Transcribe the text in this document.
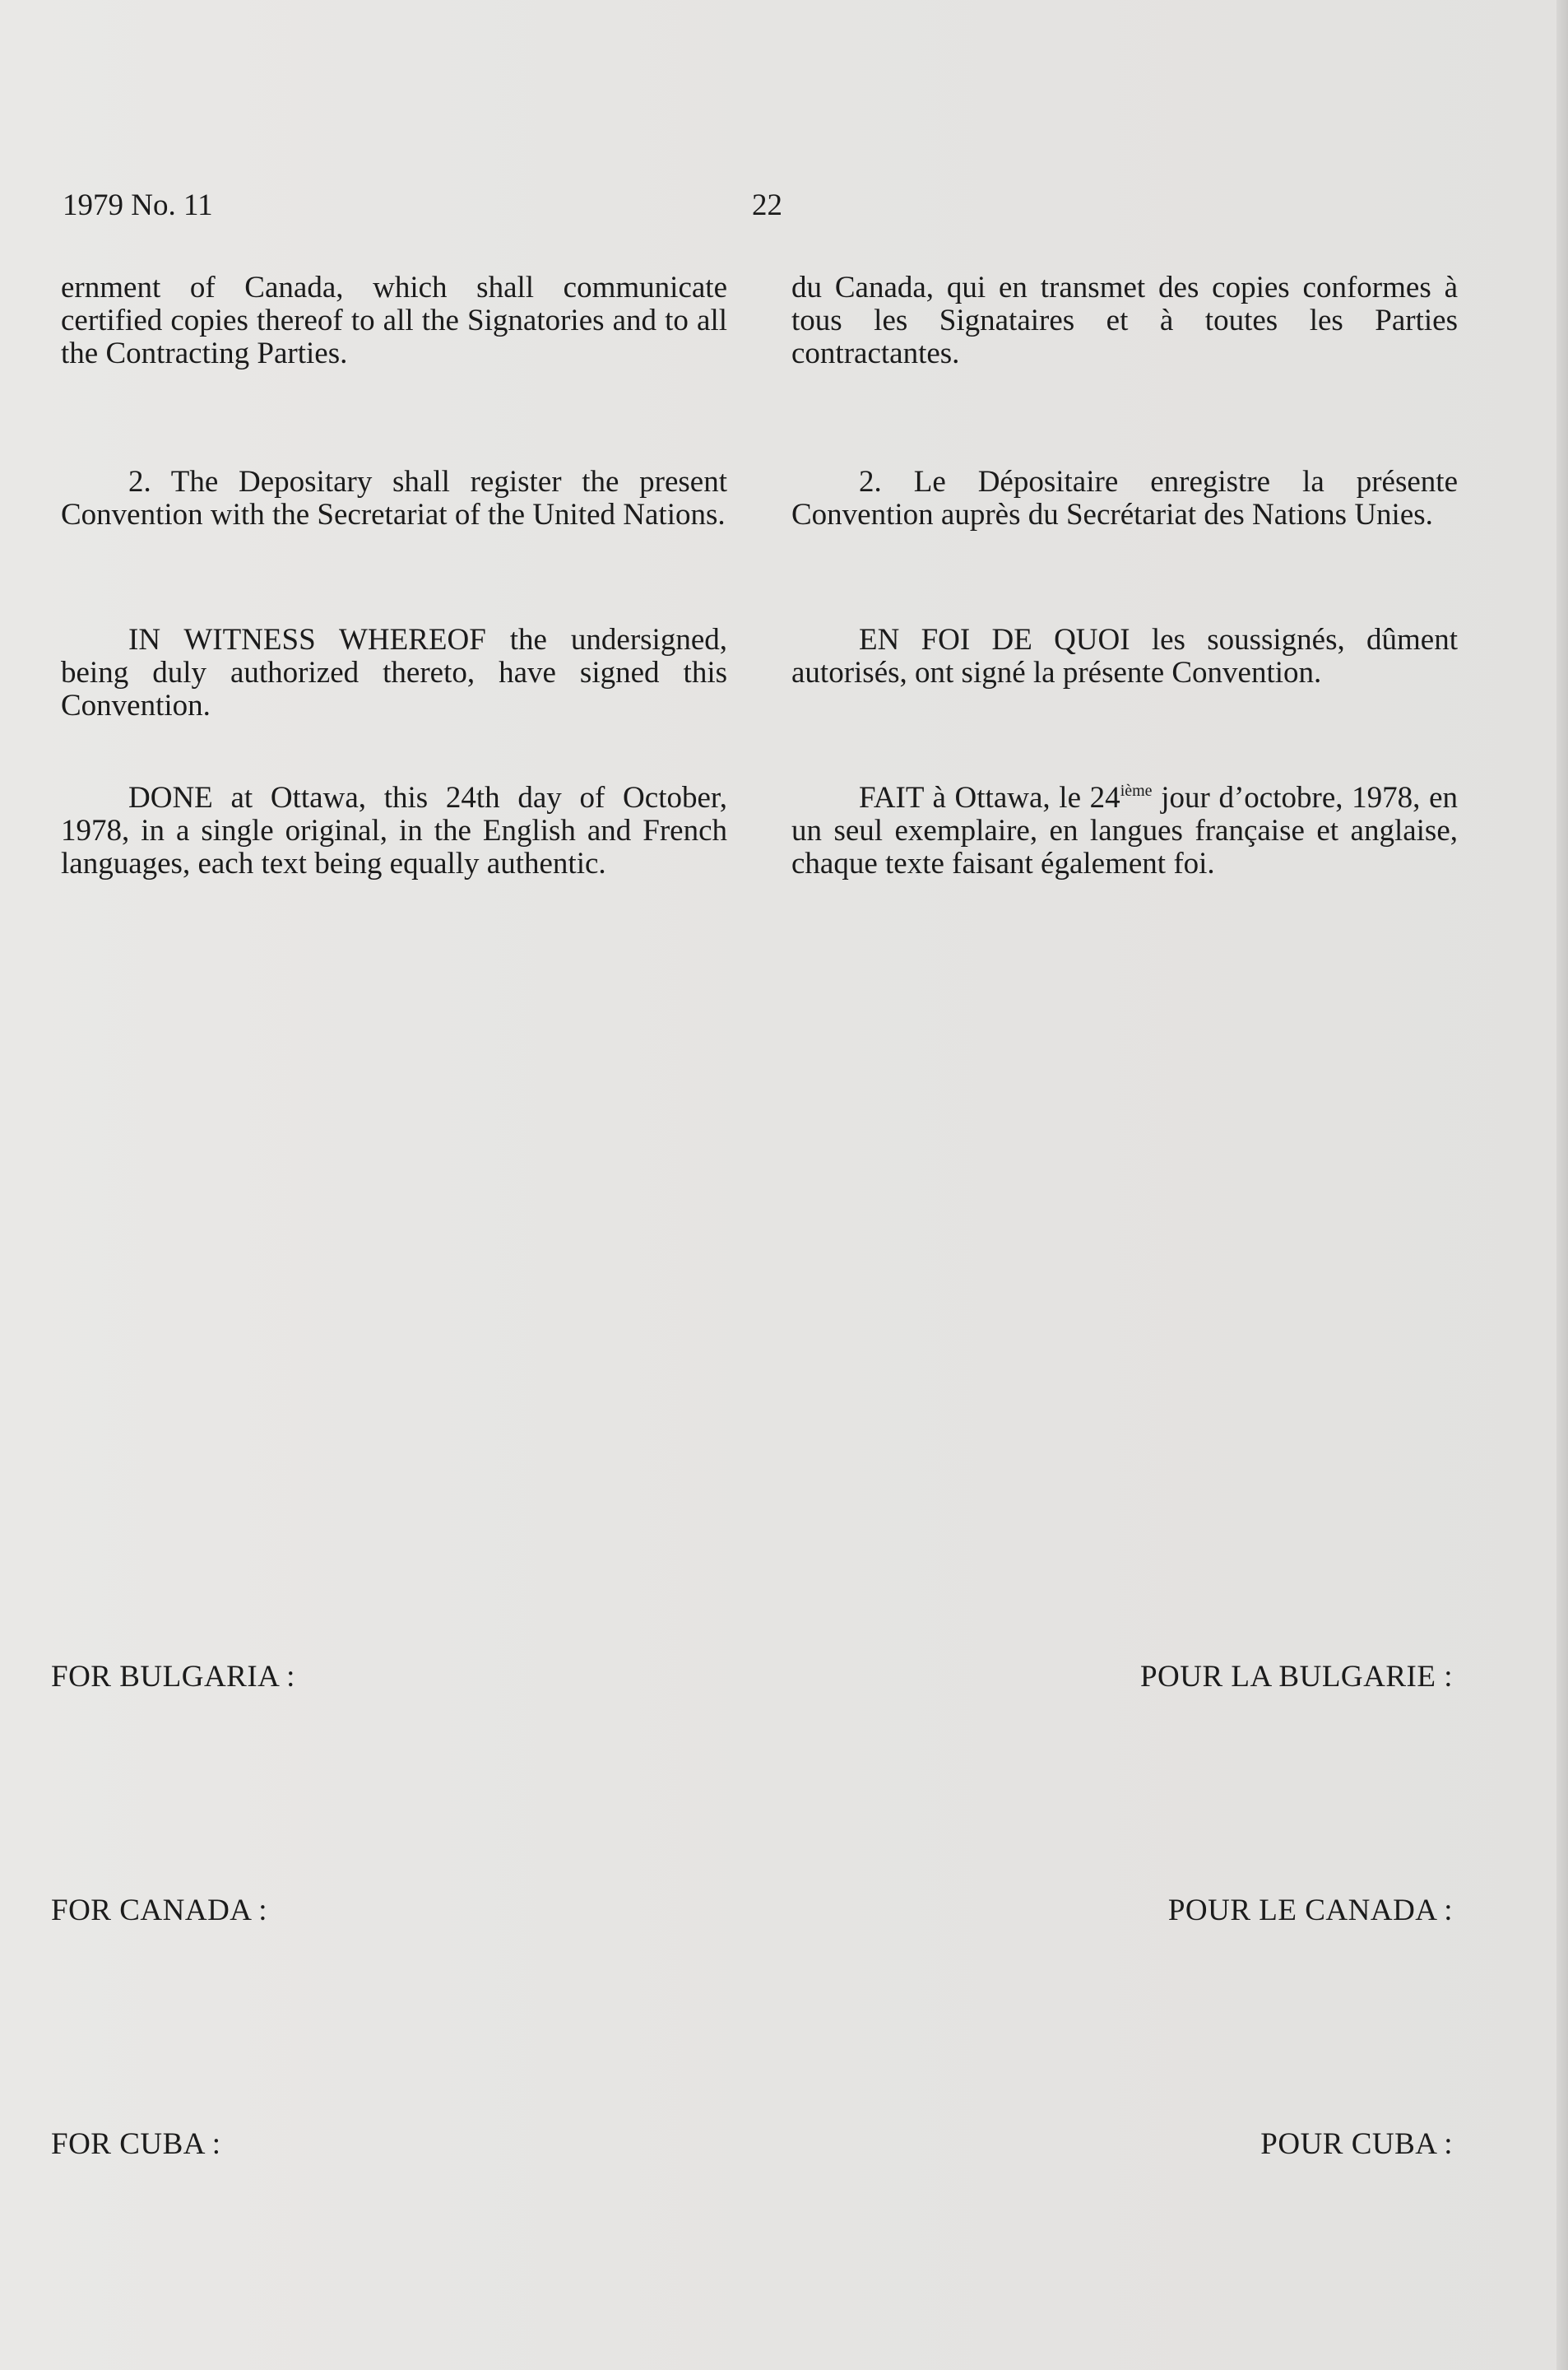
1979 No. 11	22

ernment of Canada, which shall communicate certified copies thereof to all the Signatories and to all the Contracting Parties.

2. The Depositary shall register the present Convention with the Secretariat of the United Nations.

IN WITNESS WHEREOF the undersigned, being duly authorized thereto, have signed this Convention.

DONE at Ottawa, this 24th day of October, 1978, in a single original, in the English and French languages, each text being equally authentic.

du Canada, qui en transmet des copies conformes à tous les Signataires et à toutes les Parties contractantes.

2. Le Dépositaire enregistre la présente Convention auprès du Secrétariat des Nations Unies.

EN FOI DE QUOI les soussignés, dûment autorisés, ont signé la présente Convention.

FAIT à Ottawa, le 24ième jour d’octobre, 1978, en un seul exemplaire, en langues française et anglaise, chaque texte faisant également foi.

FOR BULGARIA :	POUR LA BULGARIE :
FOR CANADA :	POUR LE CANADA :
FOR CUBA :	POUR CUBA :
